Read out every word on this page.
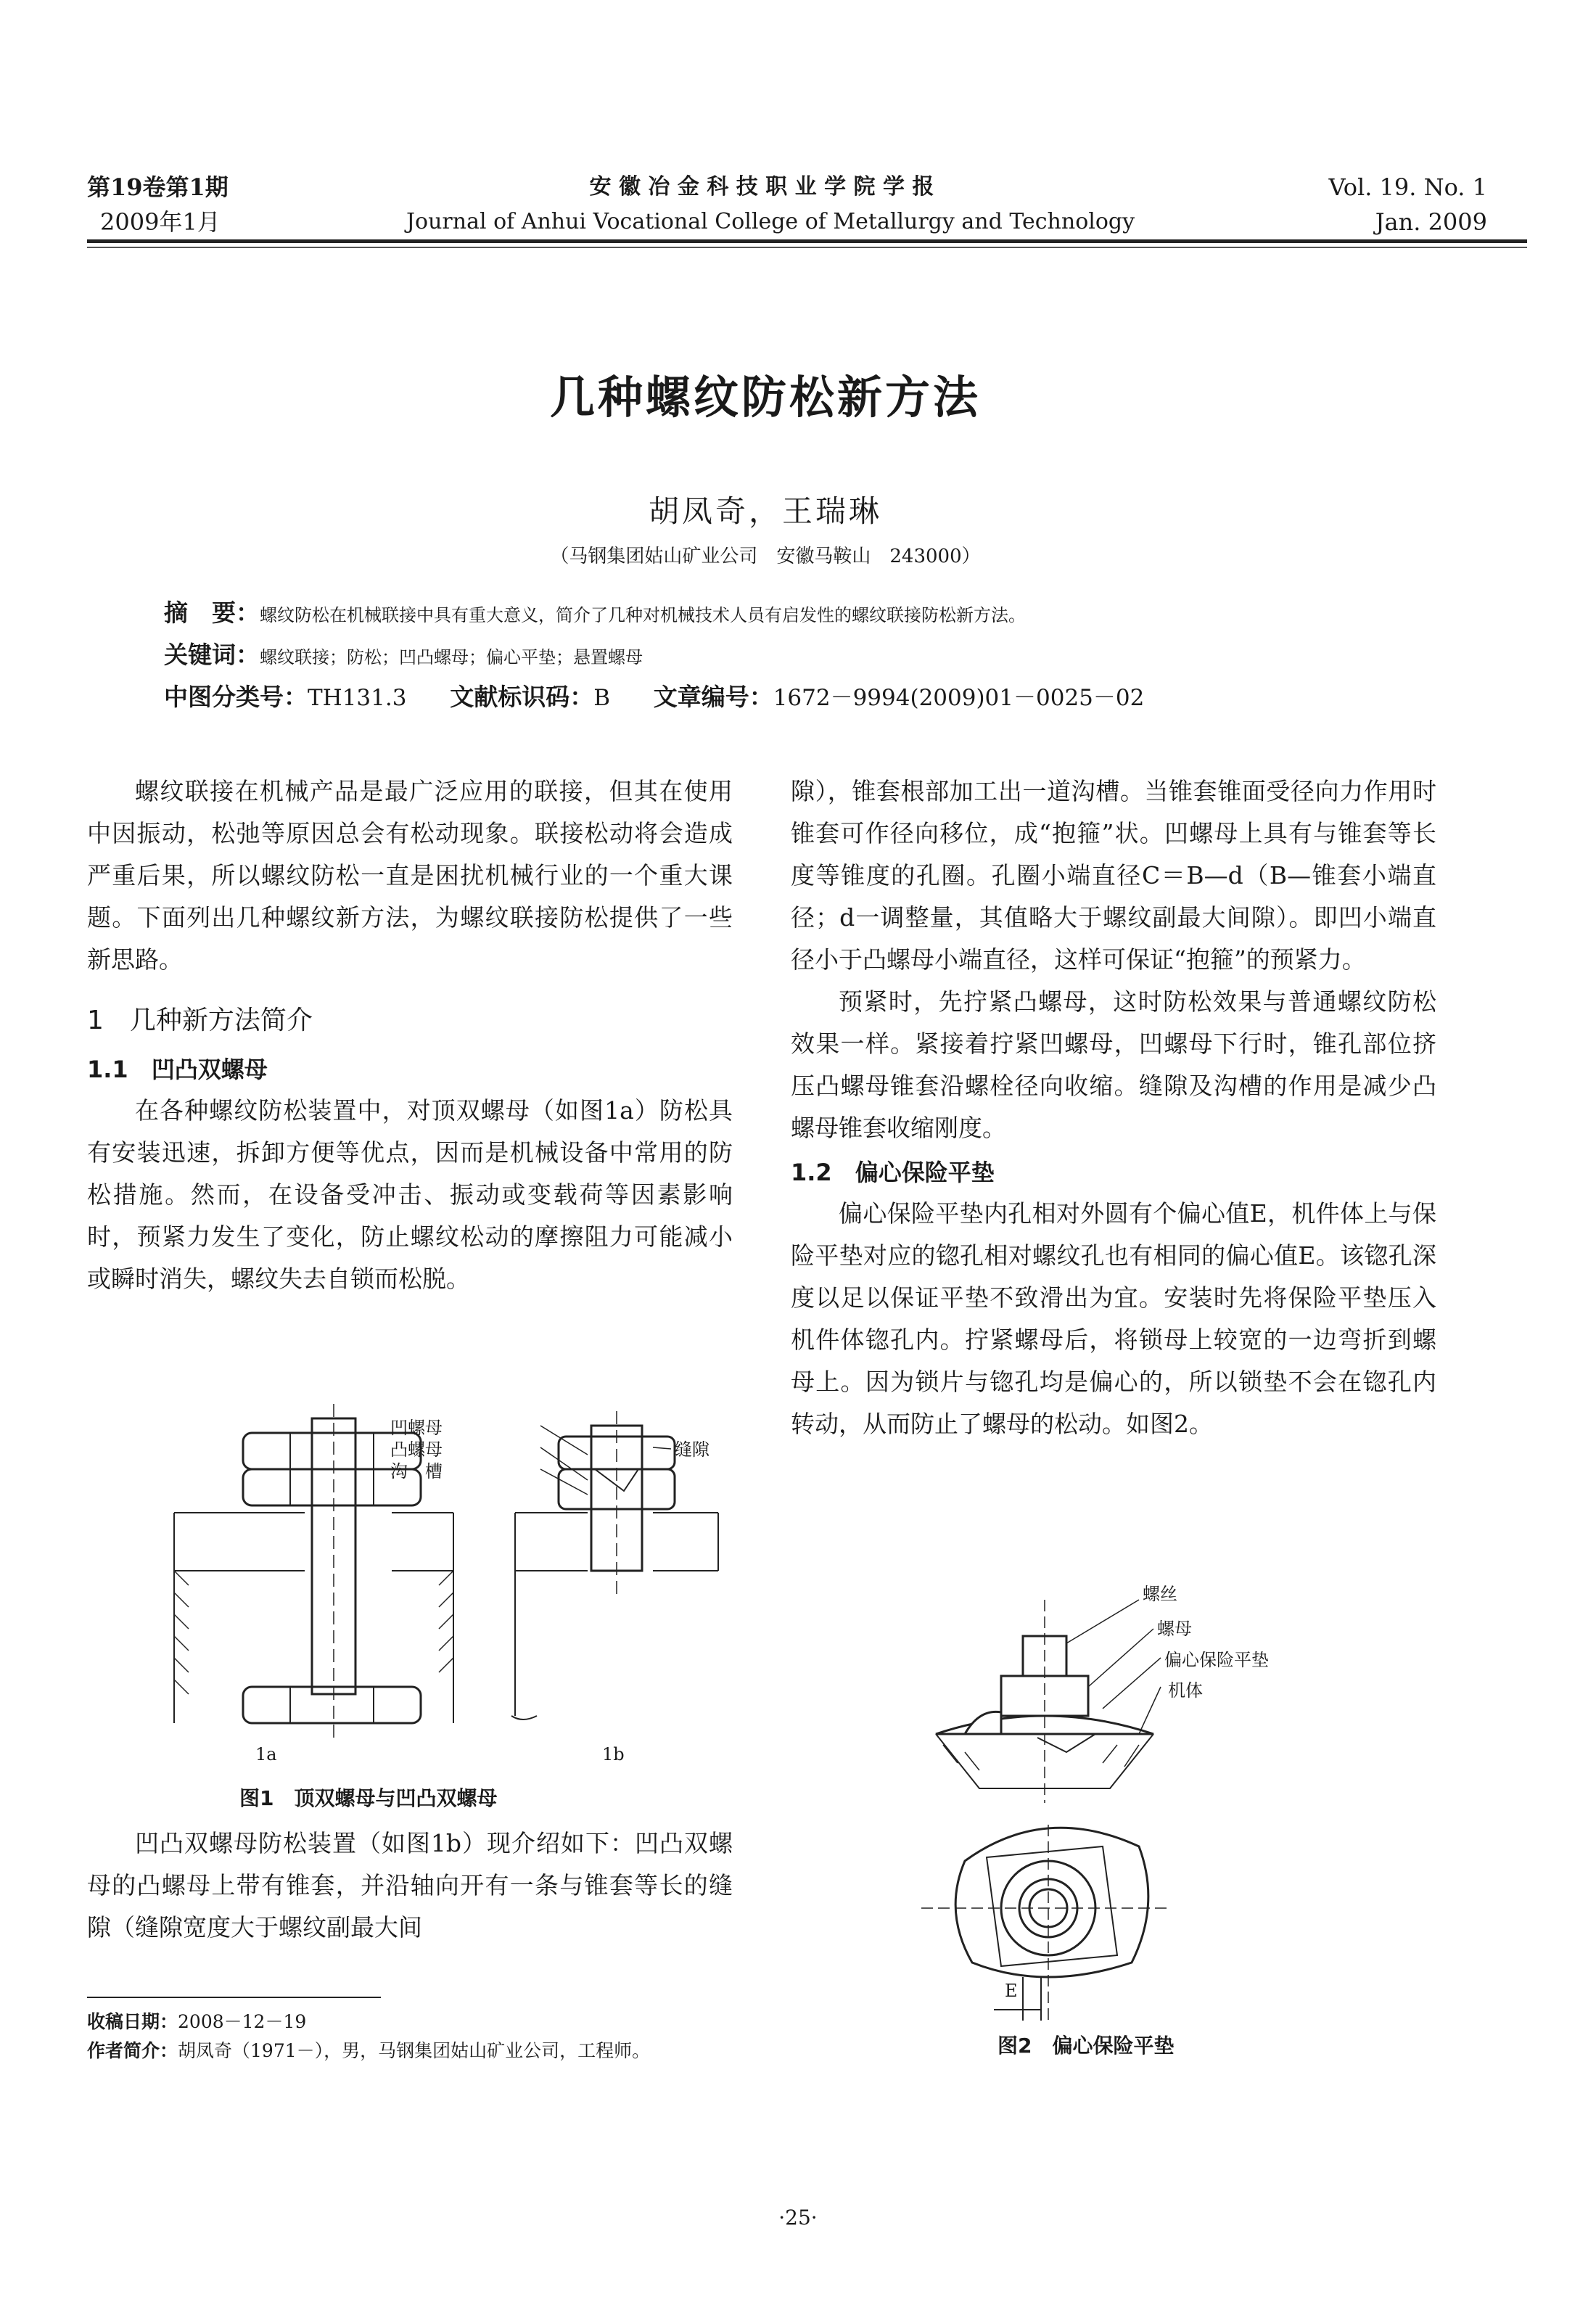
第19卷第1期
2009年1月
安 徽 冶 金 科 技 职 业 学 院 学 报
Journal of Anhui Vocational College of Metallurgy and Technology
Vol. 19. No. 1
Jan. 2009
几种螺纹防松新方法
胡凤奇，王瑞琳
（马钢集团姑山矿业公司　安徽马鞍山　243000）
摘　要：螺纹防松在机械联接中具有重大意义，简介了几种对机械技术人员有启发性的螺纹联接防松新方法。
关键词：螺纹联接；防松；凹凸螺母；偏心平垫；悬置螺母
中图分类号：TH131.3 文献标识码：B 文章编号：1672－9994(2009)01－0025－02

螺纹联接在机械产品是最广泛应用的联接，但其在使用中因振动，松弛等原因总会有松动现象。联接松动将会造成严重后果，所以螺纹防松一直是困扰机械行业的一个重大课题。下面列出几种螺纹新方法，为螺纹联接防松提供了一些新思路。

1　几种新方法简介
1.1　凹凸双螺母

在各种螺纹防松装置中，对顶双螺母（如图1a）防松具有安装迅速，拆卸方便等优点，因而是机械设备中常用的防松措施。然而，在设备受冲击、振动或变载荷等因素影响时，预紧力发生了变化，防止螺纹松动的摩擦阻力可能减小或瞬时消失，螺纹失去自锁而松脱。

凹螺母
凸螺母
沟　槽
缝隙
1a	1b
图1　顶双螺母与凹凸双螺母

凹凸双螺母防松装置（如图1b）现介绍如下：凹凸双螺母的凸螺母上带有锥套，并沿轴向开有一条与锥套等长的缝隙（缝隙宽度大于螺纹副最大间

隙），锥套根部加工出一道沟槽。当锥套锥面受径向力作用时锥套可作径向移位，成“抱箍”状。凹螺母上具有与锥套等长度等锥度的孔圈。孔圈小端直径C＝B—d（B—锥套小端直径；d一调整量，其值略大于螺纹副最大间隙）。即凹小端直径小于凸螺母小端直径，这样可保证“抱箍”的预紧力。

预紧时，先拧紧凸螺母，这时防松效果与普通螺纹防松效果一样。紧接着拧紧凹螺母，凹螺母下行时，锥孔部位挤压凸螺母锥套沿螺栓径向收缩。缝隙及沟槽的作用是减少凸螺母锥套收缩刚度。

1.2　偏心保险平垫

偏心保险平垫内孔相对外圆有个偏心值E，机件体上与保险平垫对应的锪孔相对螺纹孔也有相同的偏心值E。该锪孔深度以足以保证平垫不致滑出为宜。安装时先将保险平垫压入机件体锪孔内。拧紧螺母后，将锁母上较宽的一边弯折到螺母上。因为锁片与锪孔均是偏心的，所以锁垫不会在锪孔内转动，从而防止了螺母的松动。如图2。

螺丝
螺母
偏心保险平垫
机体
E
图2　偏心保险平垫
收稿日期：2008－12－19
作者简介：胡凤奇（1971－），男，马钢集团姑山矿业公司，工程师。
·25·
